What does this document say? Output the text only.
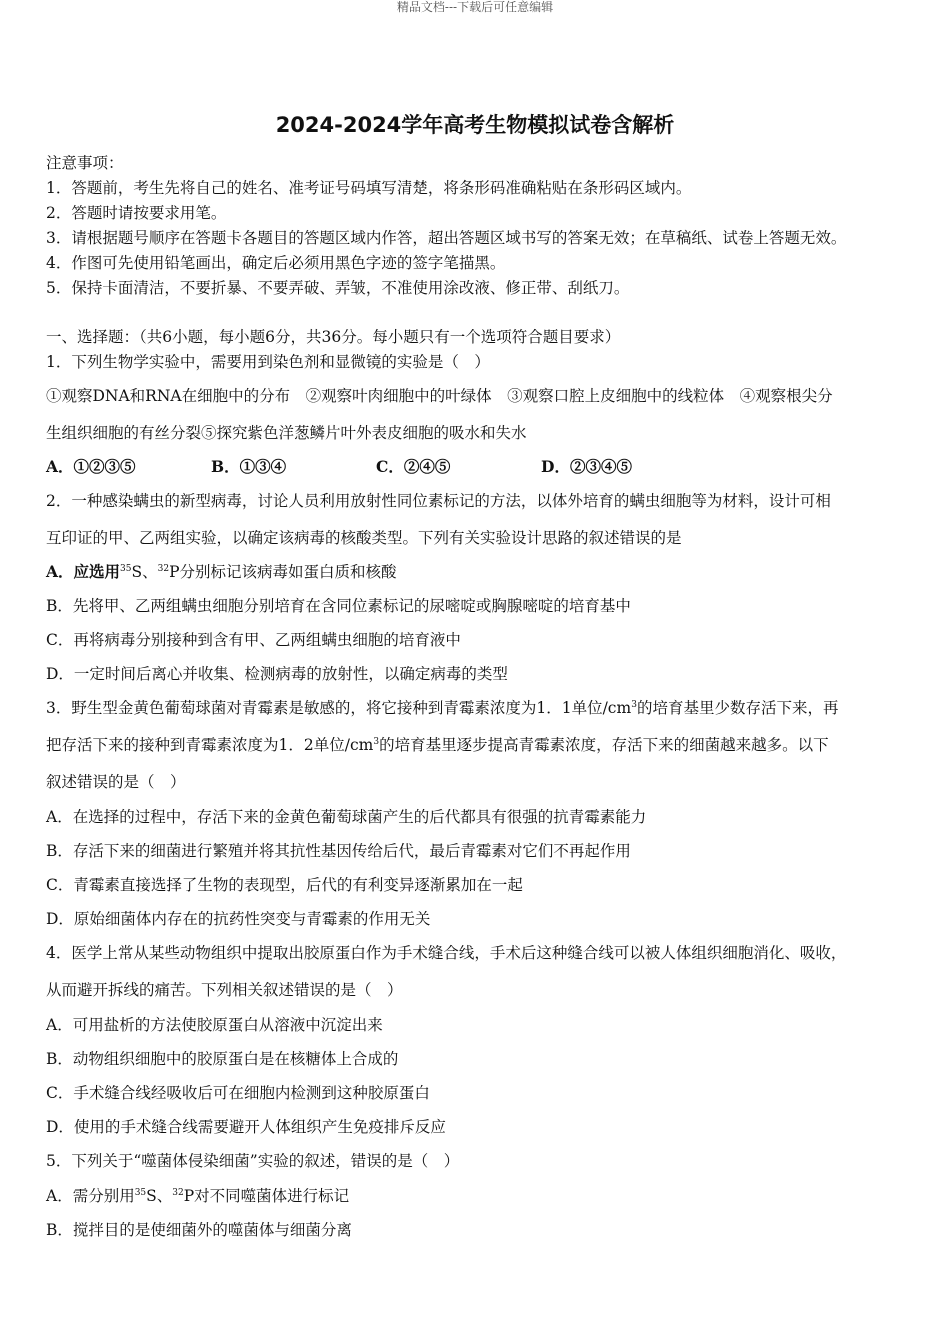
精品文档---下载后可任意编辑
2024-2024学年高考生物模拟试卷含解析
注意事项：
1．答题前，考生先将自己的姓名、准考证号码填写清楚，将条形码准确粘贴在条形码区域内。
2．答题时请按要求用笔。
3．请根据题号顺序在答题卡各题目的答题区域内作答，超出答题区域书写的答案无效；在草稿纸、试卷上答题无效。
4．作图可先使用铅笔画出，确定后必须用黑色字迹的签字笔描黑。
5．保持卡面清洁，不要折暴、不要弄破、弄皱，不准使用涂改液、修正带、刮纸刀。
一、选择题：（共6小题，每小题6分，共36分。每小题只有一个选项符合题目要求）
1．下列生物学实验中，需要用到染色剂和显微镜的实验是（　）
①观察DNA和RNA在细胞中的分布　②观察叶肉细胞中的叶绿体　③观察口腔上皮细胞中的线粒体　④观察根尖分
生组织细胞的有丝分裂⑤探究紫色洋葱鳞片叶外表皮细胞的吸水和失水
A．①②③⑤	B．①③④	C．②④⑤	D．②③④⑤
2．一种感染螨虫的新型病毒，讨论人员利用放射性同位素标记的方法，以体外培育的螨虫细胞等为材料，设计可相
互印证的甲、乙两组实验，以确定该病毒的核酸类型。下列有关实验设计思路的叙述错误的是
A．应选用$^{35}$S、$^{32}$P分别标记该病毒如蛋白质和核酸
B．先将甲、乙两组螨虫细胞分别培育在含同位素标记的尿嘧啶或胸腺嘧啶的培育基中
C．再将病毒分别接种到含有甲、乙两组螨虫细胞的培育液中
D．一定时间后离心并收集、检测病毒的放射性，以确定病毒的类型
3．野生型金黄色葡萄球菌对青霉素是敏感的，将它接种到青霉素浓度为1．1单位$/cm^3$的培育基里少数存活下来，再
把存活下来的接种到青霉素浓度为1．2单位$/cm^3$的培育基里逐步提高青霉素浓度，存活下来的细菌越来越多。以下
叙述错误的是（　）
A．在选择的过程中，存活下来的金黄色葡萄球菌产生的后代都具有很强的抗青霉素能力
B．存活下来的细菌进行繁殖并将其抗性基因传给后代，最后青霉素对它们不再起作用
C．青霉素直接选择了生物的表现型，后代的有利变异逐渐累加在一起
D．原始细菌体内存在的抗药性突变与青霉素的作用无关
4．医学上常从某些动物组织中提取出胶原蛋白作为手术缝合线，手术后这种缝合线可以被人体组织细胞消化、吸收，
从而避开拆线的痛苦。下列相关叙述错误的是（　）
A．可用盐析的方法使胶原蛋白从溶液中沉淀出来
B．动物组织细胞中的胶原蛋白是在核糖体上合成的
C．手术缝合线经吸收后可在细胞内检测到这种胶原蛋白
D．使用的手术缝合线需要避开人体组织产生免疫排斥反应
5．下列关于“噬菌体侵染细菌”实验的叙述，错误的是（　）
A．需分别用$^{35}$S、$^{32}$P对不同噬菌体进行标记
B．搅拌目的是使细菌外的噬菌体与细菌分离
